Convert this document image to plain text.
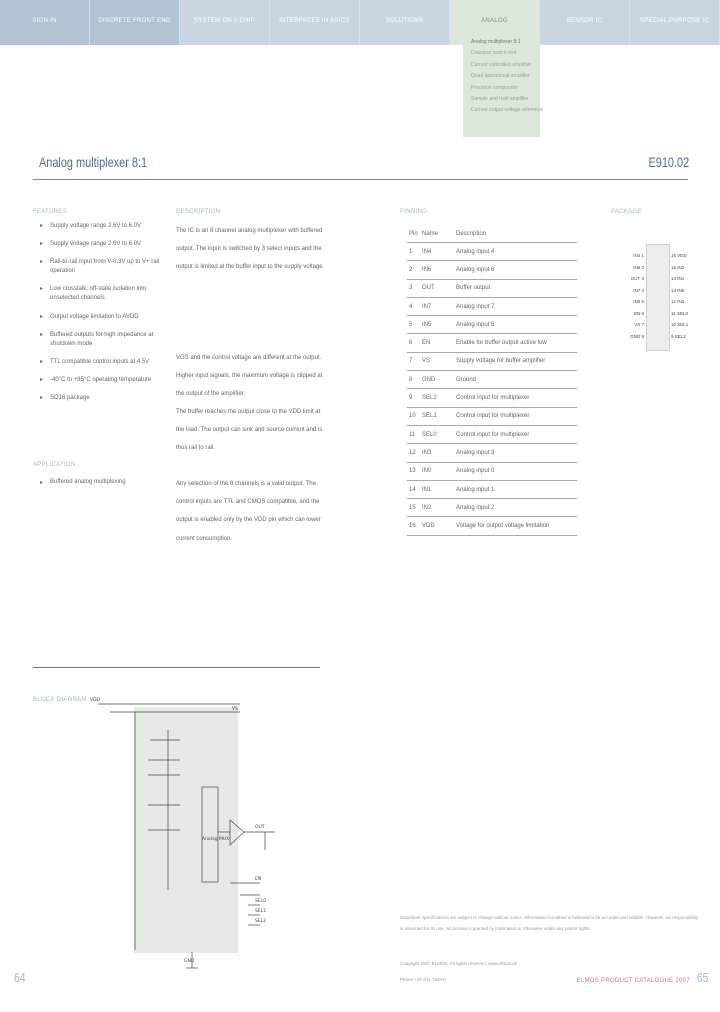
SIGN IN	DISCRETE FRONT END	SYSTEM ON A CHIP	INTERFACES IN ASICS	SOLUTIONS	ANALOG	SENSOR IC	SPECIAL PURPOSE IC
Analog multiplexer 8:1
Crossbar switch 4x4
Current controlled amplifier
Quad operational amplifier
Precision comparator
Sample and hold amplifier
Current output voltage reference
Analog multiplexer 8:1	E910.02
FEATURES
▸ Supply voltage range 2.6V to 6.0V
▸ Supply voltage range 2.6V to 6.0V
▸ Rail-to-rail input from V-0.3V up to V+ rail operation
▸ Low crosstalk; off-state isolation into unselected channels
▸ Output voltage limitation to AVDD
▸ Buffered outputs for high impedance at shutdown mode
▸ TTL compatible control inputs at 4.5V
▸ -40°C to +85°C operating temperature
▸ SO16 package
APPLICATION
▸ Buffered analog multiplexing
DESCRIPTION
The IC is an 8 channel analog multiplexer with buffered output. The input is switched by 3 select inputs and the output is limited at the buffer input to the supply voltage.
VGS and the control voltage are different at the output. Higher input signals, the maximum voltage is clipped at the output of the amplifier.
The buffer reaches the output close to the VDD limit at the load. The output can sink and source current and is thus rail to rail.
Any selection of the 8 channels is a valid output. The control inputs are TTL and CMOS compatible, and the output is enabled only by the VDD pin which can lower current consumption.
PINNING
Pin	Name	Description
1	IN4	Analog input 4
2	IN6	Analog input 6
3	OUT	Buffer output
4	IN7	Analog input 7
5	IN5	Analog input 5
6	EN	Enable for buffer output active low
7	VS	Supply voltage for buffer amplifier
8	GND	Ground
9	SEL2	Control input for multiplexer
10	SEL1	Control input for multiplexer
11	SEL0	Control input for multiplexer
12	IN3	Analog input 3
13	IN0	Analog input 0
14	IN1	Analog input 1
15	IN2	Analog input 2
16	VDD	Voltage for output voltage limitation
PACKAGE
IN4 1
IN6 2
OUT 3
IN7 4
IN5 5
EN 6
VS 7
GND 8
16 VDD
15 IN2
14 IN1
13 IN0
12 IN3
11 SEL0
10 SEL1
9 SEL2
BLOCK DIAGRAM VDD
VS
Analog MUX
OUT
EN
SEL0
SEL1
SEL2
GND
Datasheet specifications are subject to change without notice. Information furnished is believed to be accurate and reliable. However, no responsibility is assumed for its use. No license is granted by implication or otherwise under any patent rights.
Copyright 2007 ELMOS. All rights reserved. www.elmos.de
Phone +49 231 7549 0
64	ELMOS PRODUCT CATALOGUE 2007 65
